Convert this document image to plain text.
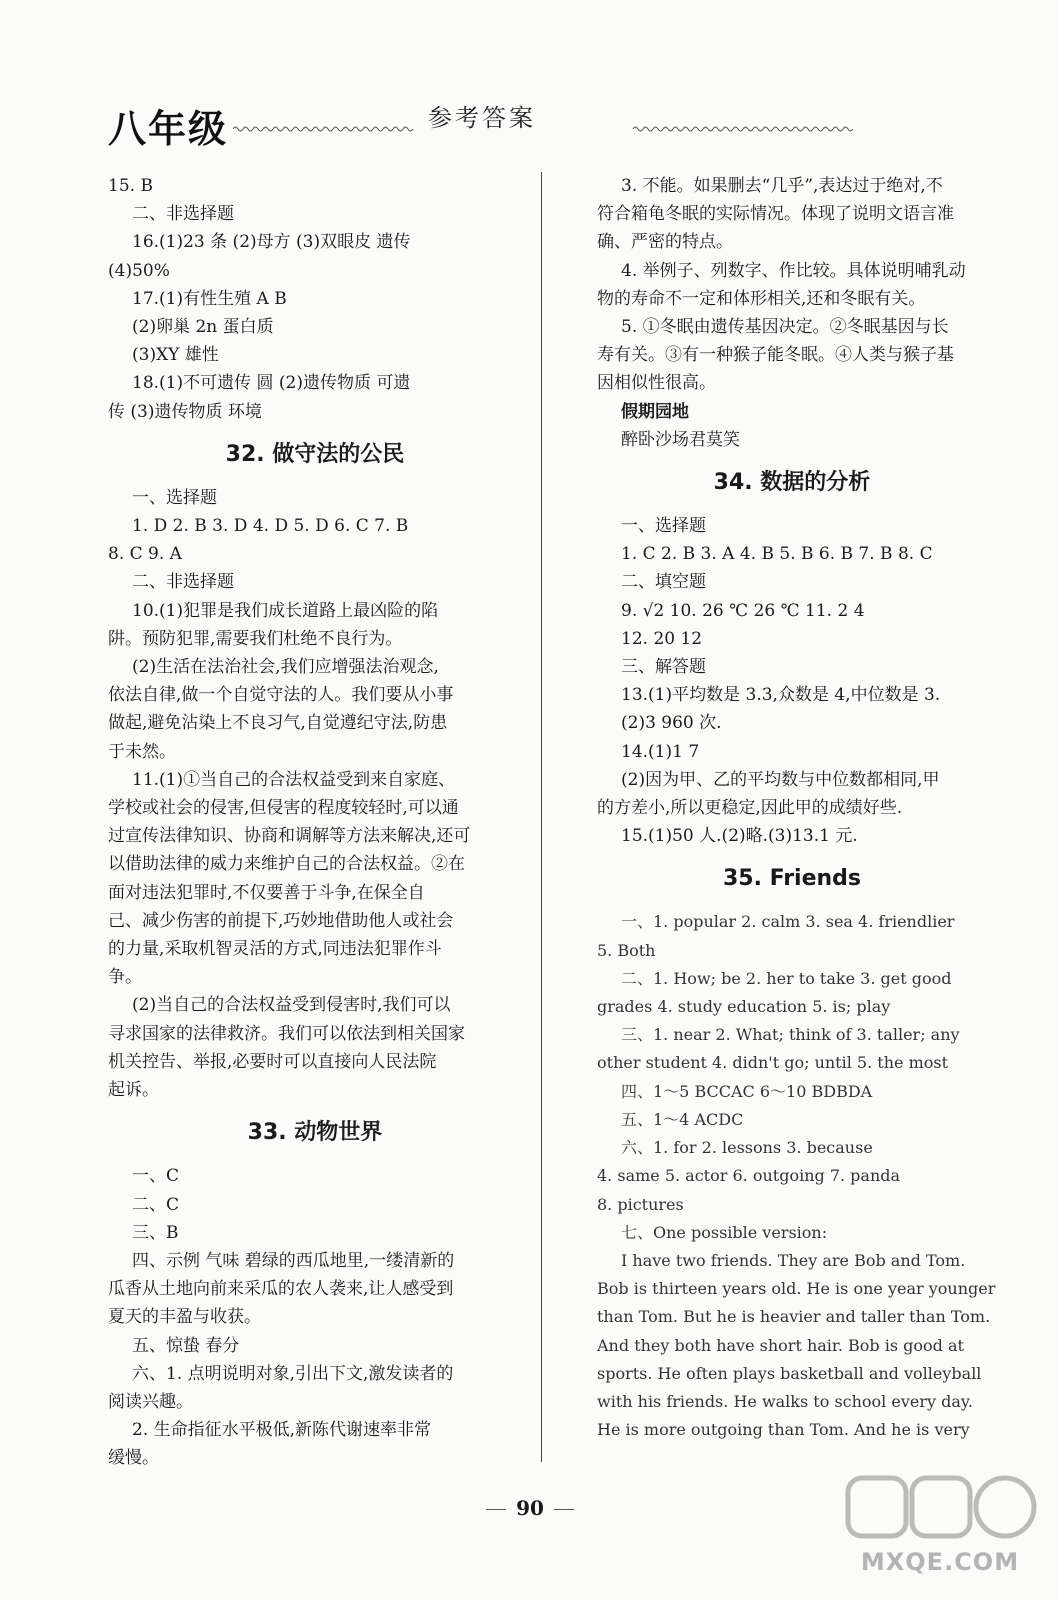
八年级	参考答案
15. B
二、非选择题
16.(1)23 条 (2)母方 (3)双眼皮 遗传
(4)50%
17.(1)有性生殖 A B
(2)卵巢 2n 蛋白质
(3)XY 雄性
18.(1)不可遗传 圆 (2)遗传物质 可遗
传 (3)遗传物质 环境
32. 做守法的公民
一、选择题
1. D 2. B 3. D 4. D 5. D 6. C 7. B
8. C 9. A
二、非选择题
10.(1)犯罪是我们成长道路上最凶险的陷
阱。预防犯罪,需要我们杜绝不良行为。
(2)生活在法治社会,我们应增强法治观念,
依法自律,做一个自觉守法的人。我们要从小事
做起,避免沾染上不良习气,自觉遵纪守法,防患
于未然。
11.(1)①当自己的合法权益受到来自家庭、
学校或社会的侵害,但侵害的程度较轻时,可以通
过宣传法律知识、协商和调解等方法来解决,还可
以借助法律的威力来维护自己的合法权益。②在
面对违法犯罪时,不仅要善于斗争,在保全自
己、减少伤害的前提下,巧妙地借助他人或社会
的力量,采取机智灵活的方式,同违法犯罪作斗
争。
(2)当自己的合法权益受到侵害时,我们可以
寻求国家的法律救济。我们可以依法到相关国家
机关控告、举报,必要时可以直接向人民法院
起诉。
33. 动物世界
一、C
二、C
三、B
四、示例 气味 碧绿的西瓜地里,一缕清新的
瓜香从土地向前来采瓜的农人袭来,让人感受到
夏天的丰盈与收获。
五、惊蛰 春分
六、1. 点明说明对象,引出下文,激发读者的
阅读兴趣。
2. 生命指征水平极低,新陈代谢速率非常
缓慢。
3. 不能。如果删去“几乎”,表达过于绝对,不
符合箱龟冬眠的实际情况。体现了说明文语言准
确、严密的特点。
4. 举例子、列数字、作比较。具体说明哺乳动
物的寿命不一定和体形相关,还和冬眠有关。
5. ①冬眠由遗传基因决定。②冬眠基因与长
寿有关。③有一种猴子能冬眠。④人类与猴子基
因相似性很高。
假期园地
醉卧沙场君莫笑
34. 数据的分析
一、选择题
1. C 2. B 3. A 4. B 5. B 6. B 7. B 8. C
二、填空题
9. √2 10. 26 ℃ 26 ℃ 11. 2 4
12. 20 12
三、解答题
13.(1)平均数是 3.3,众数是 4,中位数是 3.
(2)3 960 次.
14.(1)1 7
(2)因为甲、乙的平均数与中位数都相同,甲
的方差小,所以更稳定,因此甲的成绩好些.
15.(1)50 人.(2)略.(3)13.1 元.
35. Friends
一、1. popular 2. calm 3. sea 4. friendlier
5. Both
二、1. How; be 2. her to take 3. get good
grades 4. study education 5. is; play
三、1. near 2. What; think of 3. taller; any
other student 4. didn't go; until 5. the most
四、1～5 BCCAC 6～10 BDBDA
五、1～4 ACDC
六、1. for 2. lessons 3. because
4. same 5. actor 6. outgoing 7. panda
8. pictures
七、One possible version:
I have two friends. They are Bob and Tom.
Bob is thirteen years old. He is one year younger
than Tom. But he is heavier and taller than Tom.
And they both have short hair. Bob is good at
sports. He often plays basketball and volleyball
with his friends. He walks to school every day.
He is more outgoing than Tom. And he is very
90
MXQE.COM
